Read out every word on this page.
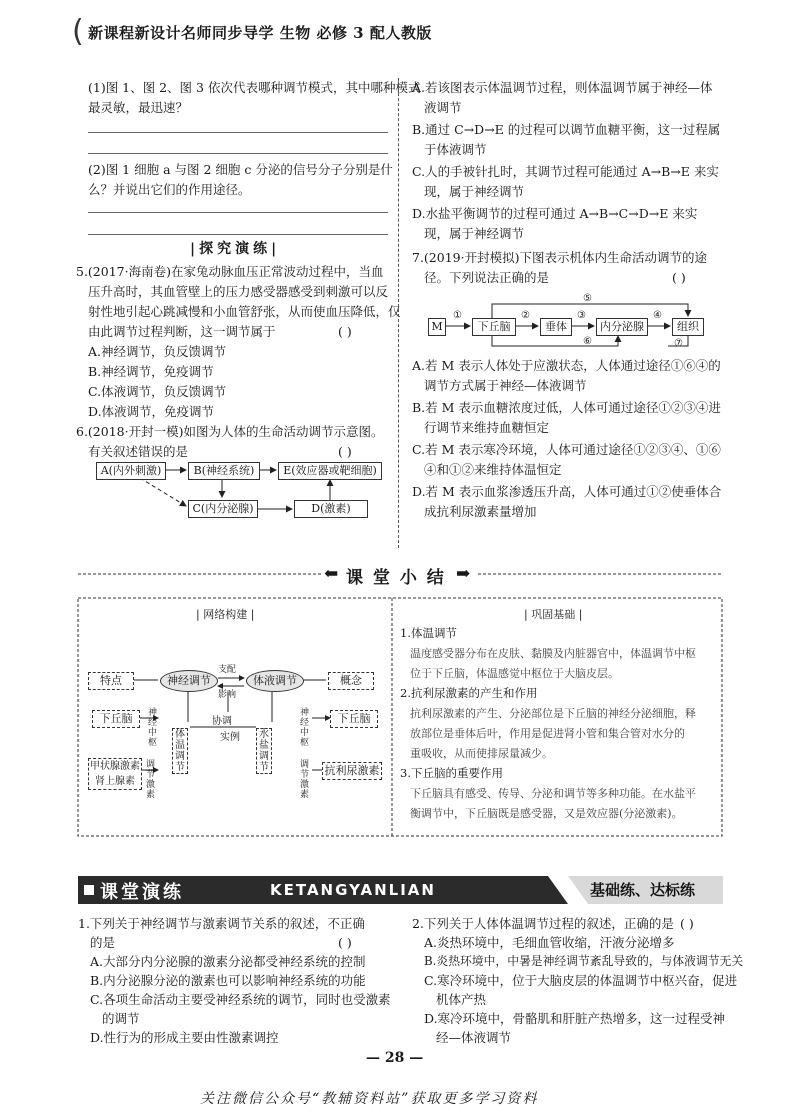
( 新课程新设计名师同步导学 生物 必修 3 配人教版
(1)图 1、图 2、图 3 依次代表哪种调节模式，其中哪种模式
最灵敏，最迅速？
(2)图 1 细胞 a 与图 2 细胞 c 分泌的信号分子分别是什
么？并说出它们的作用途径。
|探究演练|
5.(2017·海南卷)在家兔动脉血压正常波动过程中，当血
压升高时，其血管壁上的压力感受器感受到刺激可以反
射性地引起心跳减慢和小血管舒张，从而使血压降低，仅
由此调节过程判断，这一调节属于	( )
A.神经调节，负反馈调节
B.神经调节，免疫调节
C.体液调节，负反馈调节
D.体液调节，免疫调节
6.(2018·开封一模)如图为人体的生命活动调节示意图。
有关叙述错误的是	( )
A(内外刺激)	B(神经系统)	E(效应器或靶细胞)
C(内分泌腺)	D(激素)
A.若该图表示体温调节过程，则体温调节属于神经—体
液调节
B.通过 C→D→E 的过程可以调节血糖平衡，这一过程属
于体液调节
C.人的手被针扎时，其调节过程可能通过 A→B→E 来实
现，属于神经调节
D.水盐平衡调节的过程可通过 A→B→C→D→E 来实
现，属于神经调节
7.(2019·开封模拟)下图表示机体内生命活动调节的途
径。下列说法正确的是	( )
M	下丘脑	垂体	内分泌腺	组织
①	②	③	④
⑤
⑥	⑦
A.若 M 表示人体处于应激状态，人体通过途径①⑥④的
调节方式属于神经—体液调节
B.若 M 表示血糖浓度过低，人体可通过途径①②③④进
行调节来维持血糖恒定
C.若 M 表示寒冷环境，人体可通过途径①②③④、①⑥
④和①②来维持体温恒定
D.若 M 表示血浆渗透压升高，人体可通过①②使垂体合
成抗利尿激素量增加
⬅ 课 堂 小 结 ➡
| 网络构建 |	| 巩固基础 |
特点	神经调节	体液调节	概念
支配
影响
协调
实例
下丘脑	神经中枢
下丘脑
神经中枢
体温调节
水盐调节
甲状腺激素
肾上腺素
调节激素
调节激素
抗利尿激素
1.体温调节
温度感受器分布在皮肤、黏膜及内脏器官中，体温调节中枢
位于下丘脑，体温感觉中枢位于大脑皮层。
2.抗利尿激素的产生和作用
抗利尿激素的产生、分泌部位是下丘脑的神经分泌细胞，释
放部位是垂体后叶，作用是促进肾小管和集合管对水分的
重吸收，从而使排尿量减少。
3.下丘脑的重要作用
下丘脑具有感受、传导、分泌和调节等多种功能。在水盐平
衡调节中，下丘脑既是感受器，又是效应器(分泌激素)。
课堂演练	KETANGYANLIAN	基础练、达标练
1.下列关于神经调节与激素调节关系的叙述，不正确
的是	( )
A.大部分内分泌腺的激素分泌都受神经系统的控制
B.内分泌腺分泌的激素也可以影响神经系统的功能
C.各项生命活动主要受神经系统的调节，同时也受激素
的调节
D.性行为的形成主要由性激素调控
2.下列关于人体体温调节过程的叙述，正确的是 ( )
A.炎热环境中，毛细血管收缩，汗液分泌增多
B.炎热环境中，中暑是神经调节紊乱导致的，与体液调节无关
C.寒冷环境中，位于大脑皮层的体温调节中枢兴奋，促进
机体产热
D.寒冷环境中，骨骼肌和肝脏产热增多，这一过程受神
经—体液调节
— 28 —
关注微信公众号“教辅资料站”获取更多学习资料
